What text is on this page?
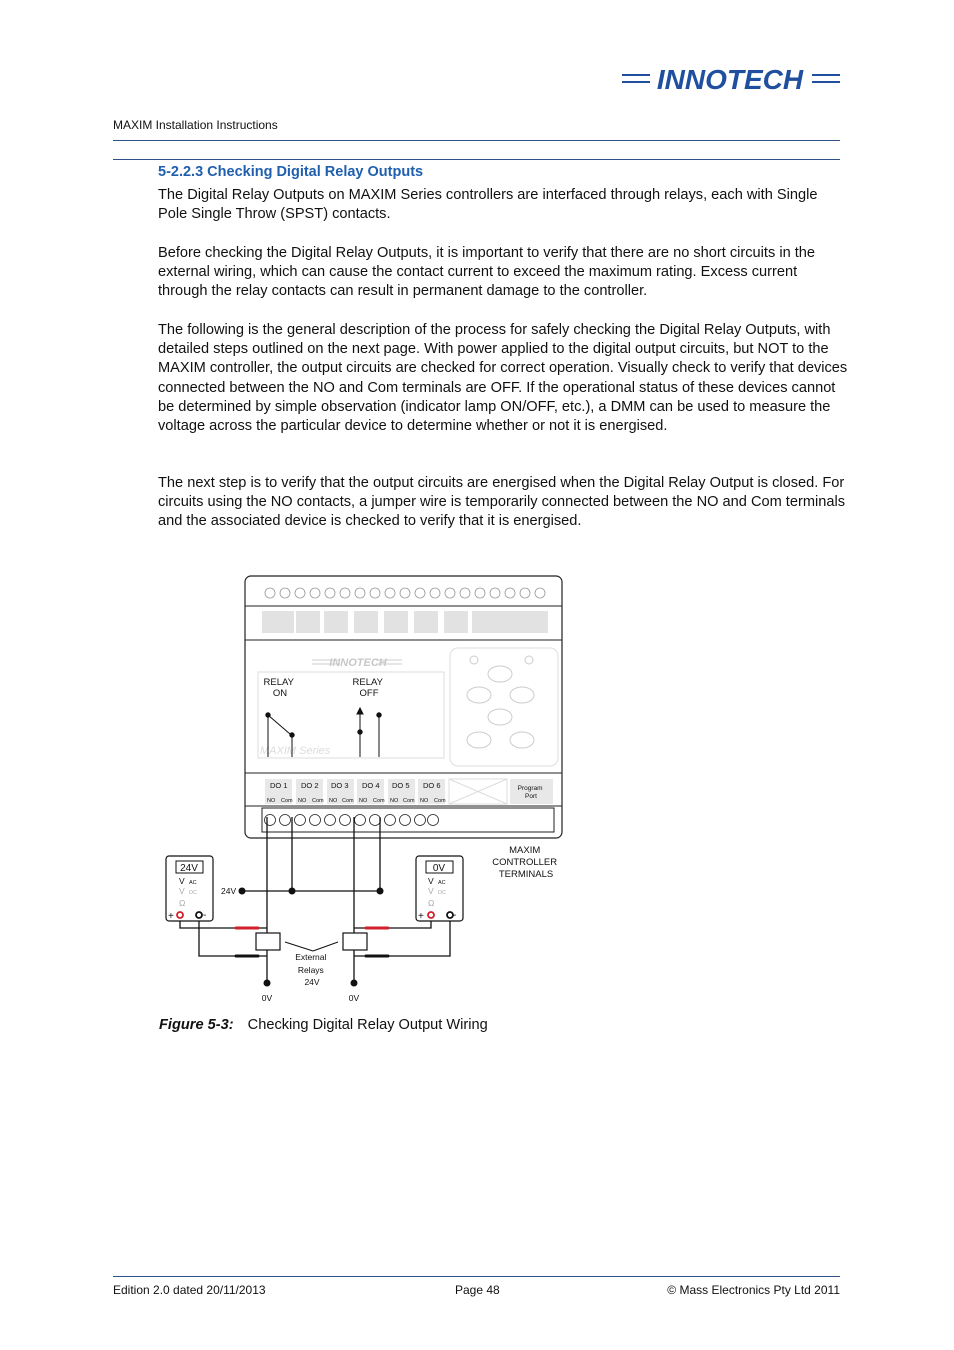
INNOTECH
MAXIM Installation Instructions
5-2.2.3 Checking Digital Relay Outputs

The Digital Relay Outputs on MAXIM Series controllers are interfaced through relays, each with Single Pole Single Throw (SPST) contacts.

Before checking the Digital Relay Outputs, it is important to verify that there are no short circuits in the external wiring, which can cause the contact current to exceed the maximum rating. Excess current through the relay contacts can result in permanent damage to the controller.

The following is the general description of the process for safely checking the Digital Relay Outputs, with detailed steps outlined on the next page. With power applied to the digital output circuits, but NOT to the MAXIM controller, the output circuits are checked for correct operation. Visually check to verify that devices connected between the NO and Com terminals are OFF. If the operational status of these devices cannot be determined by simple observation (indicator lamp ON/OFF, etc.), a DMM can be used to measure the voltage across the particular device to determine whether or not it is energised.

The next step is to verify that the output circuits are energised when the Digital Relay Output is closed. For circuits using the NO contacts, a jumper wire is temporarily connected between the NO and Com terminals and the associated device is checked to verify that it is energised.

INNOTECH
MAXIM Series
RELAY ON
RELAY OFF
DO 1 DO 2 DO 3 DO 4 DO 5 DO 6
NO Com NO Com NO Com NO Com NO Com NO Com
Program Port
MAXIM CONTROLLER TERMINALS
External Relays 24V
24V
0V	0V
24V
V AC
V DC
Ω
+	-
0V
V AC
V DC
Ω
+	-
Figure 5-3: Checking Digital Relay Output Wiring
Edition 2.0 dated 20/11/2013	Page 48	© Mass Electronics Pty Ltd 2011
